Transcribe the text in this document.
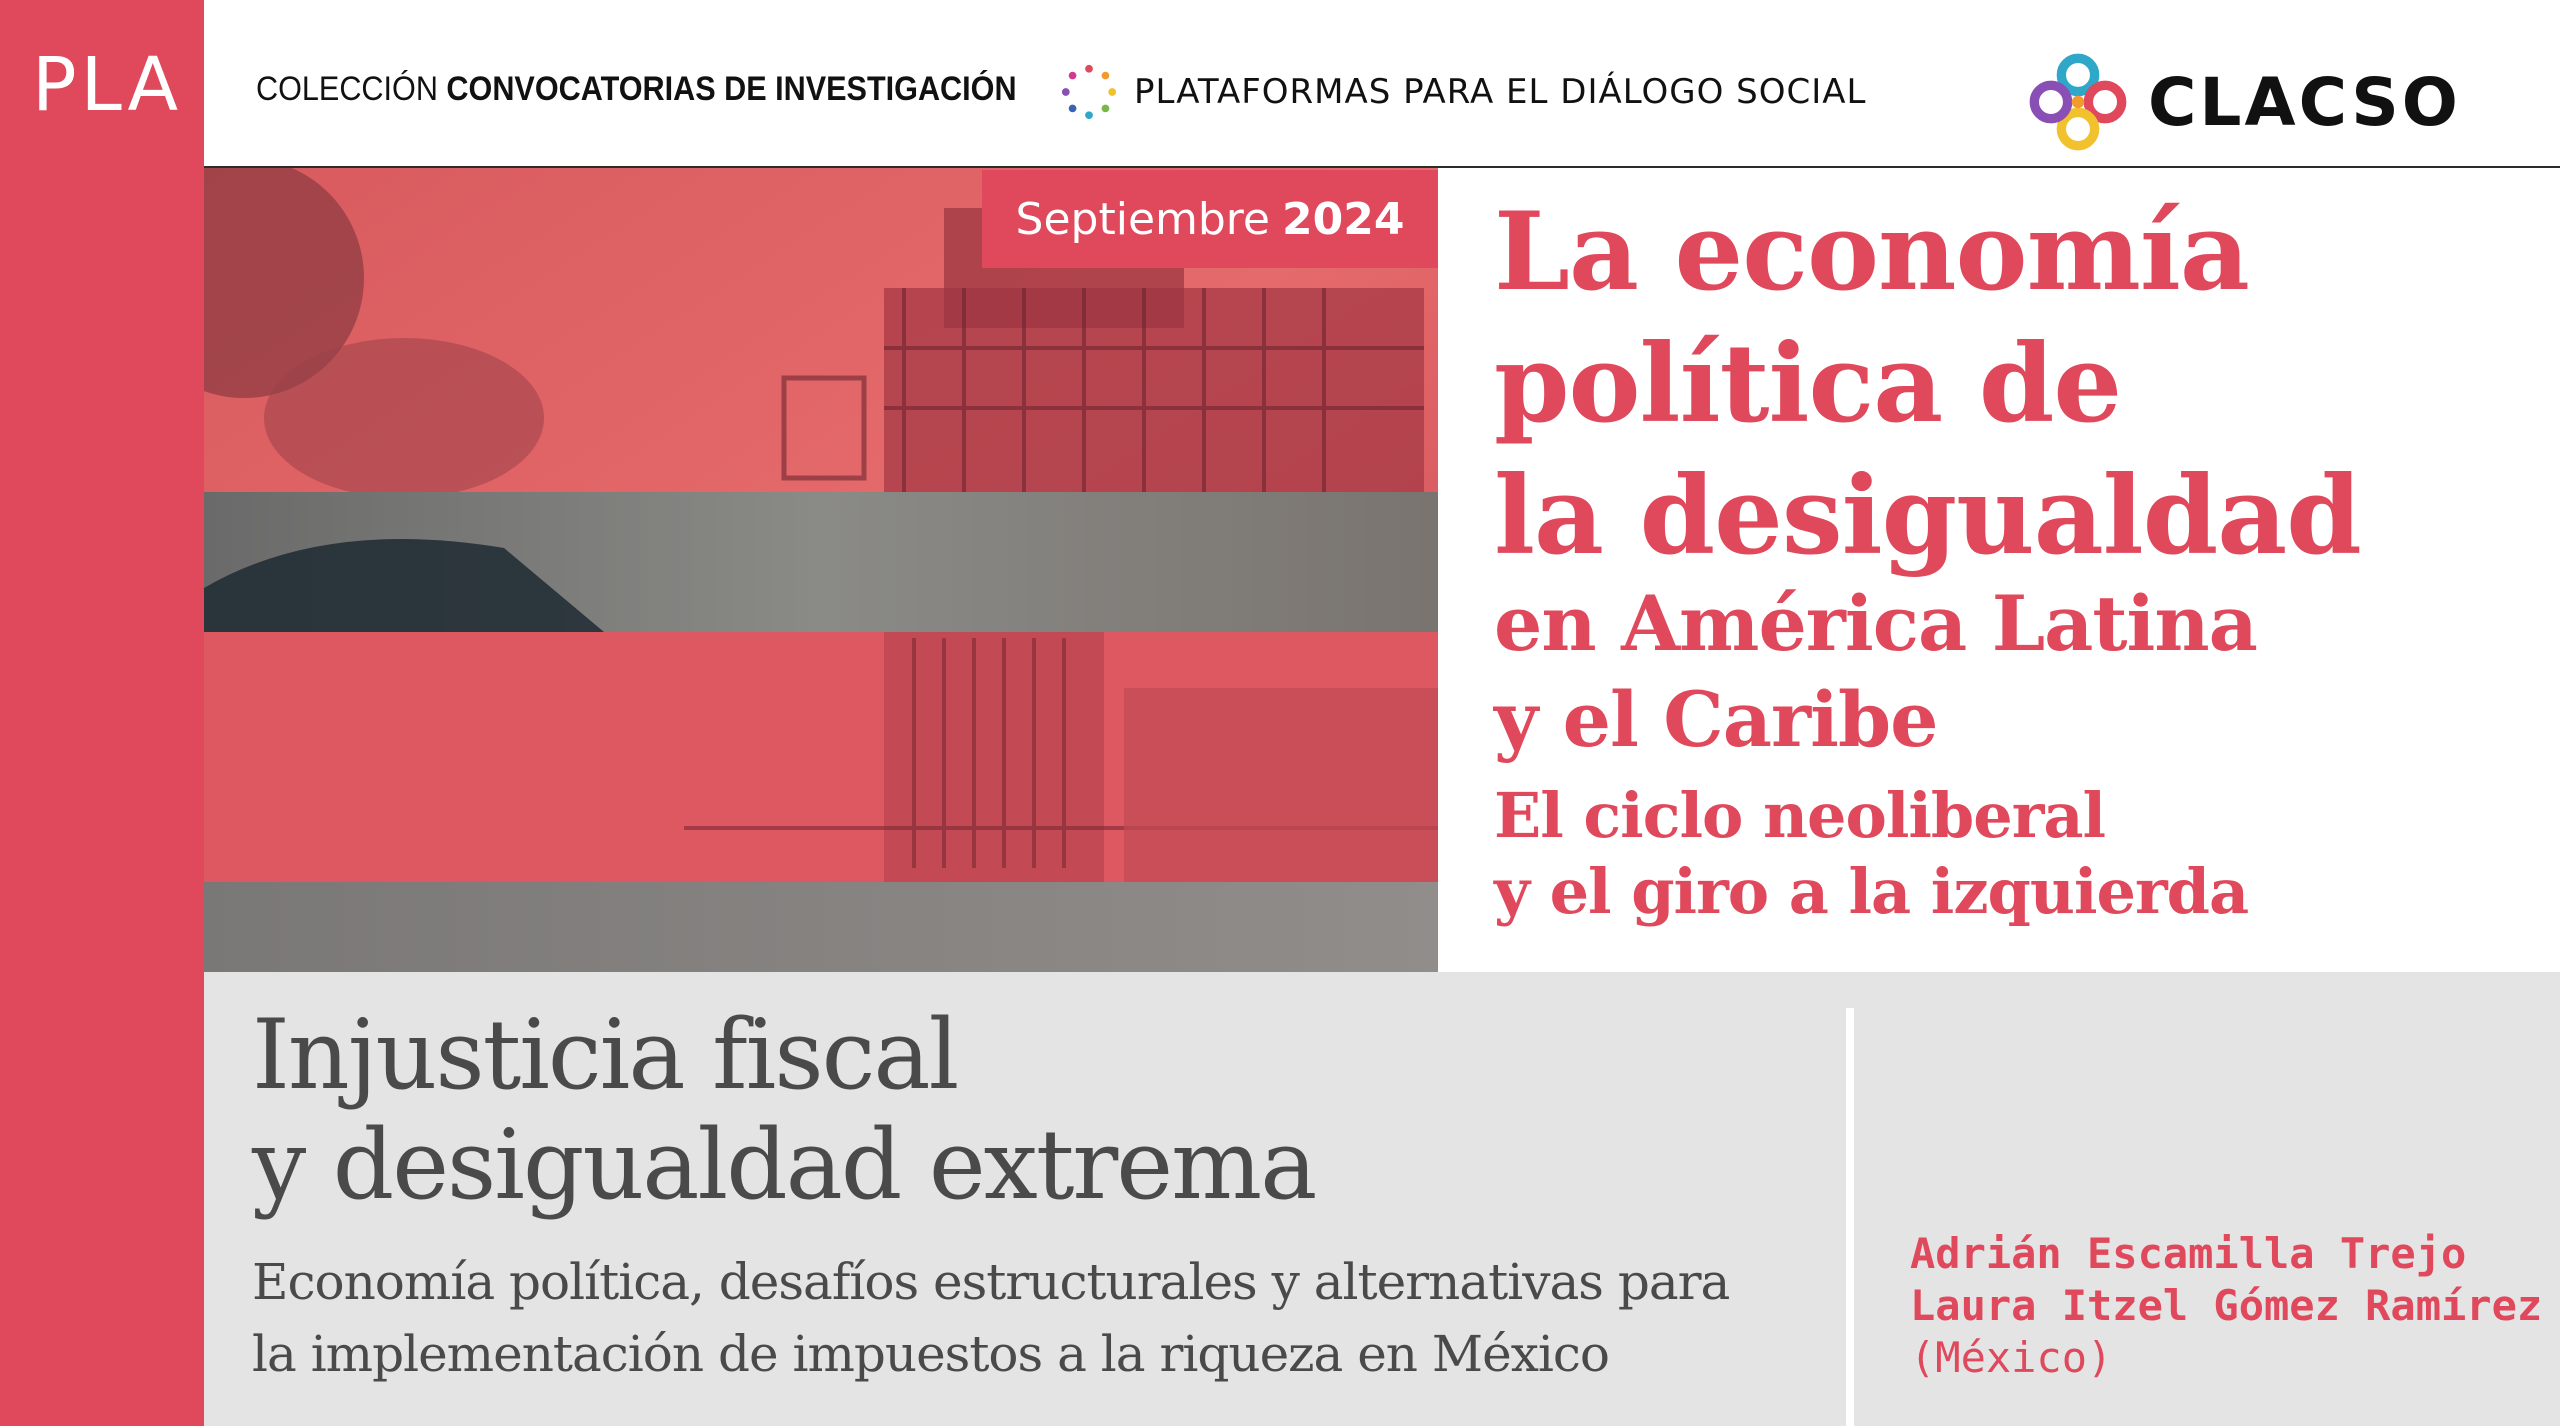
PLA COLECCIÓN CONVOCATORIAS DE INVESTIGACIÓN	PLATAFORMAS PARA EL DIÁLOGO SOCIAL	CLACSO
Septiembre 2024 La economía
política de
la desigualdad
en América Latina
y el Caribe
El ciclo neoliberal
y el giro a la izquierda
Injusticia fiscal
y desigualdad extrema
Economía política, desafíos estructurales y alternativas para
la implementación de impuestos a la riqueza en México
Adrián Escamilla Trejo
Laura Itzel Gómez Ramírez
(México)
